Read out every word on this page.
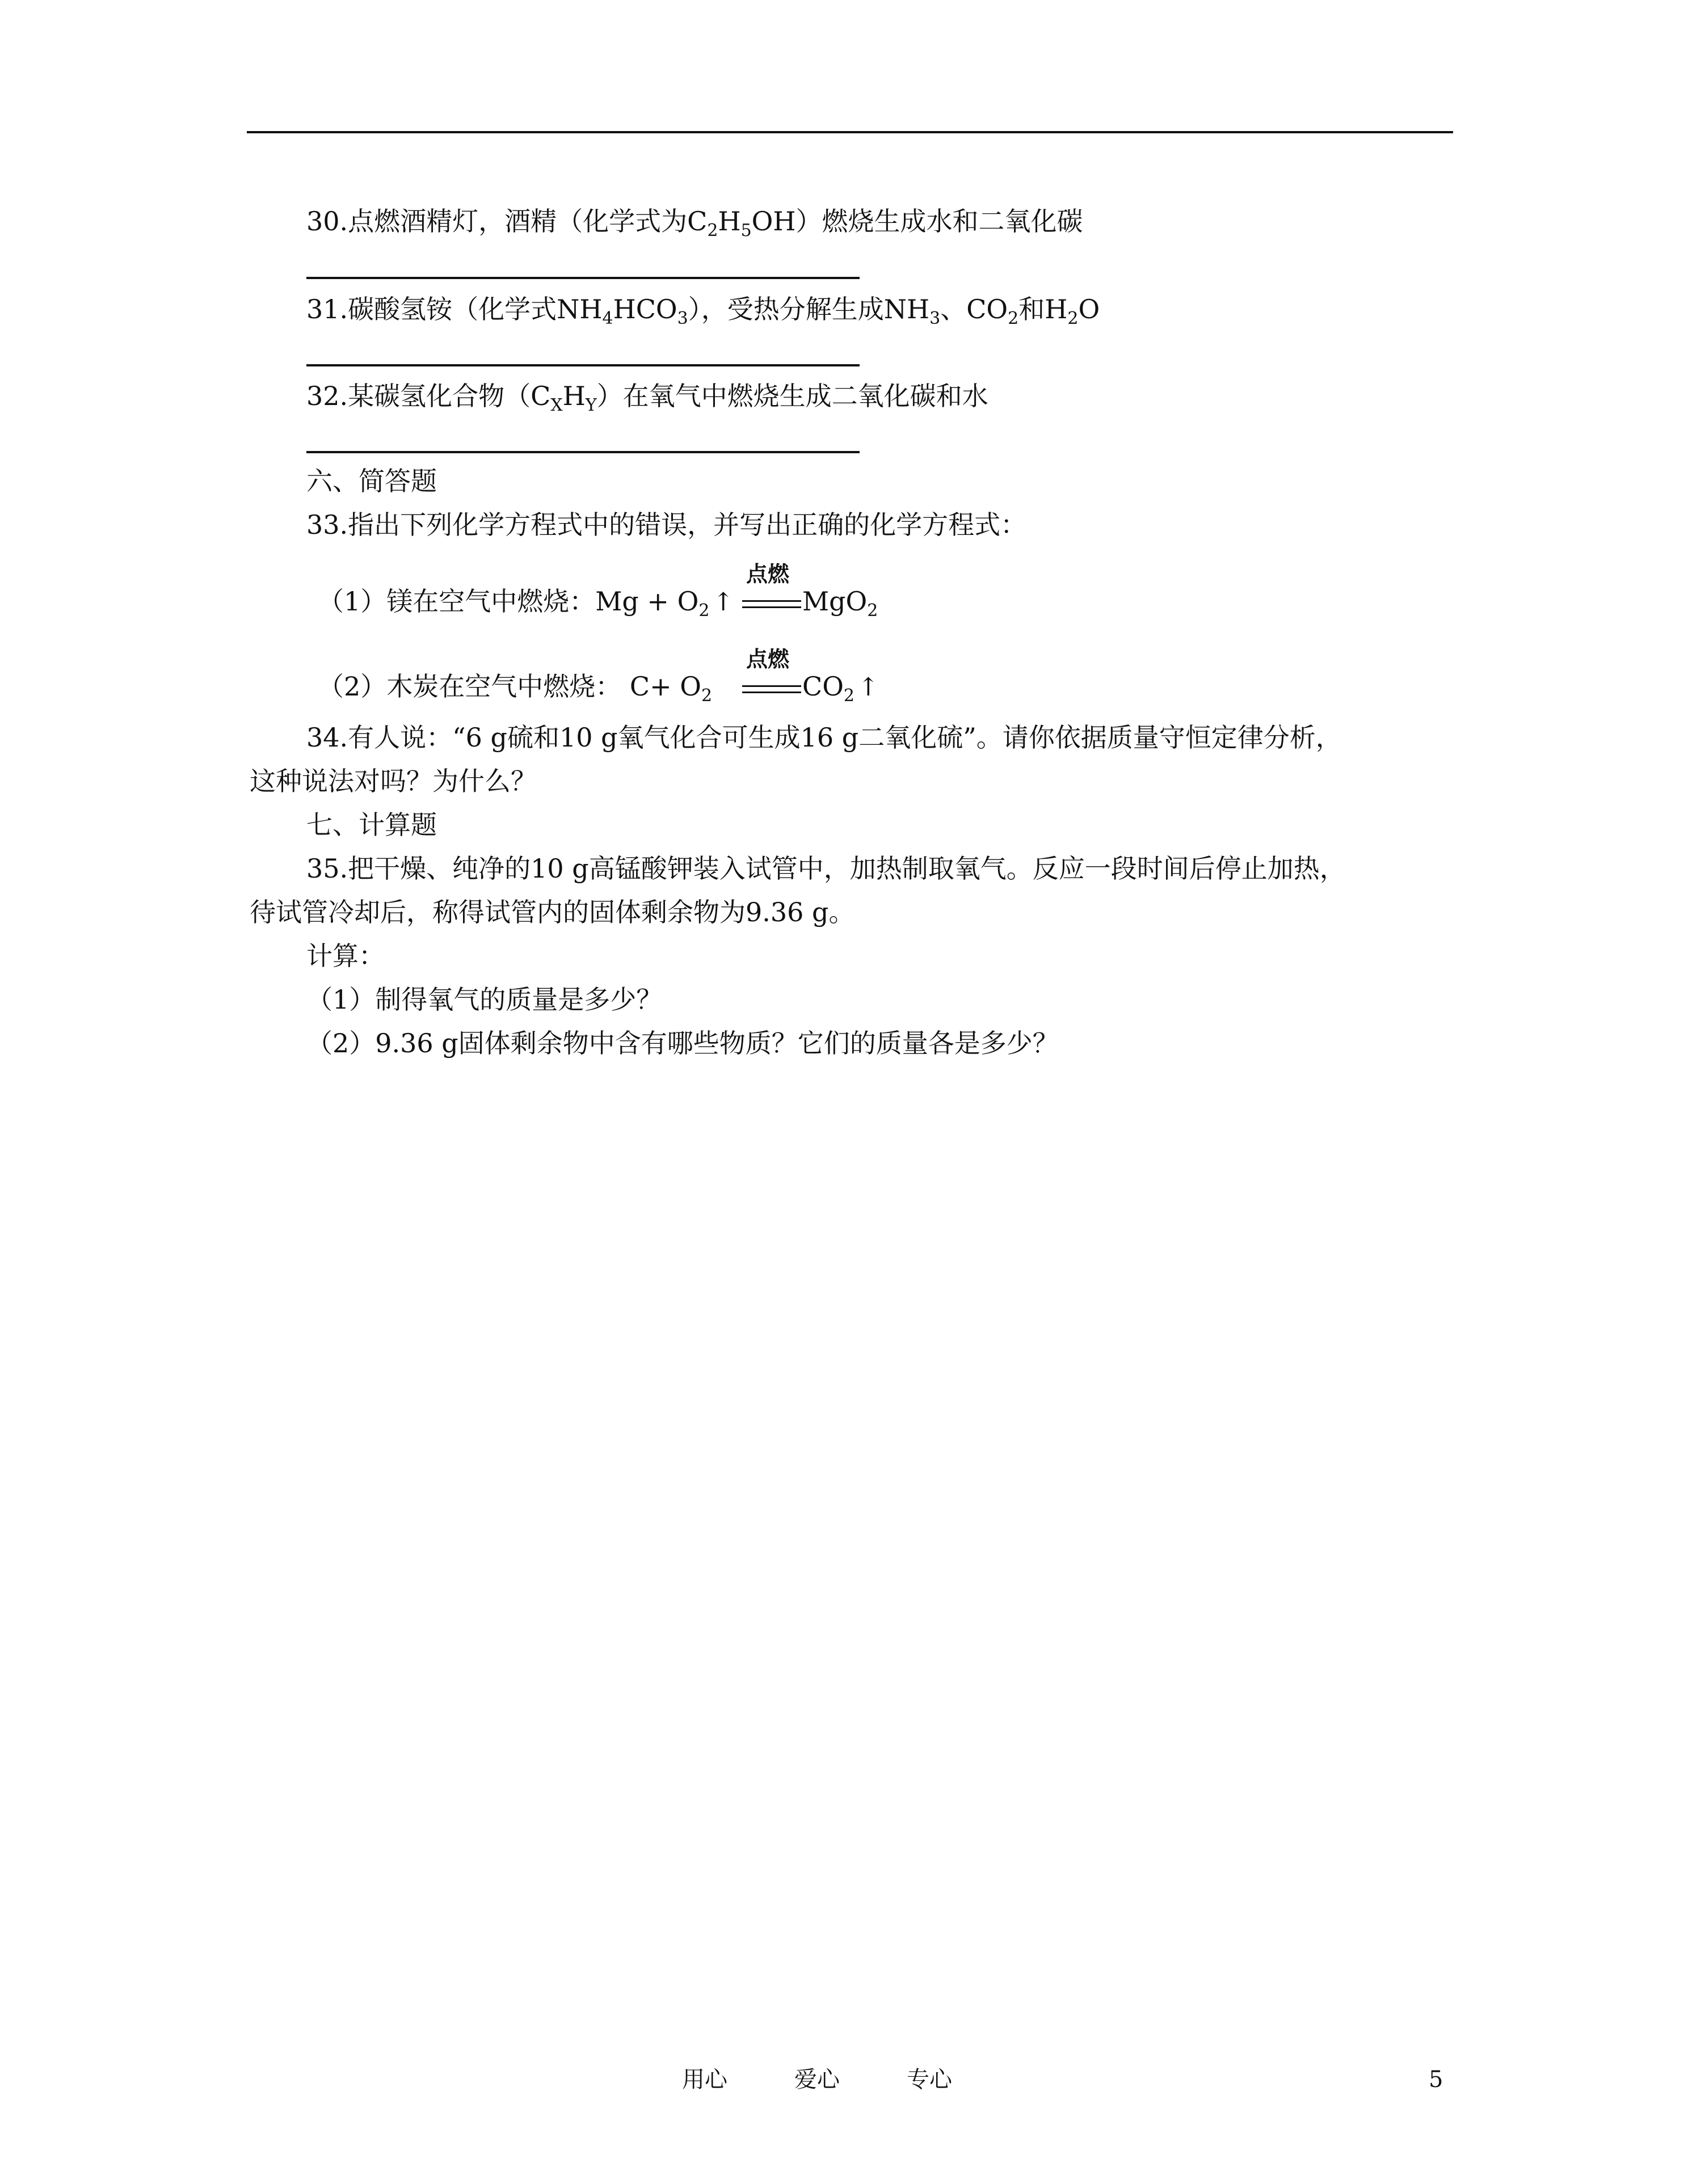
30.点燃酒精灯，酒精（化学式为$C_2H_5OH$）燃烧生成水和二氧化碳
31.碳酸氢铵（化学式$NH_4HCO_3$），受热分解生成$NH_3$、$CO_2$和$H_2O$
32.某碳氢化合物$(C_XH_Y)$在氧气中燃烧生成二氧化碳和水
六、简答题
33.指出下列化学方程式中的错误，并写出正确的化学方程式：
点燃
（1）镁在空气中燃烧：$Mg + O_2$ ↑	MgO$_2$
点燃
（2）木炭在空气中燃烧： $C+ O_2$	$CO_2$ ↑
34.有人说：“6 g硫和10 g氧气化合可生成16 g二氧化硫”。请你依据质量守恒定律分析，
这种说法对吗？为什么？
七、计算题
35.把干燥、纯净的10 g高锰酸钾装入试管中，加热制取氧气。反应一段时间后停止加热，
待试管冷却后，称得试管内的固体剩余物为9.36 g。
计算：
（1）制得氧气的质量是多少？
（2）9.36 g固体剩余物中含有哪些物质？它们的质量各是多少？
用心	爱心	专心	5
